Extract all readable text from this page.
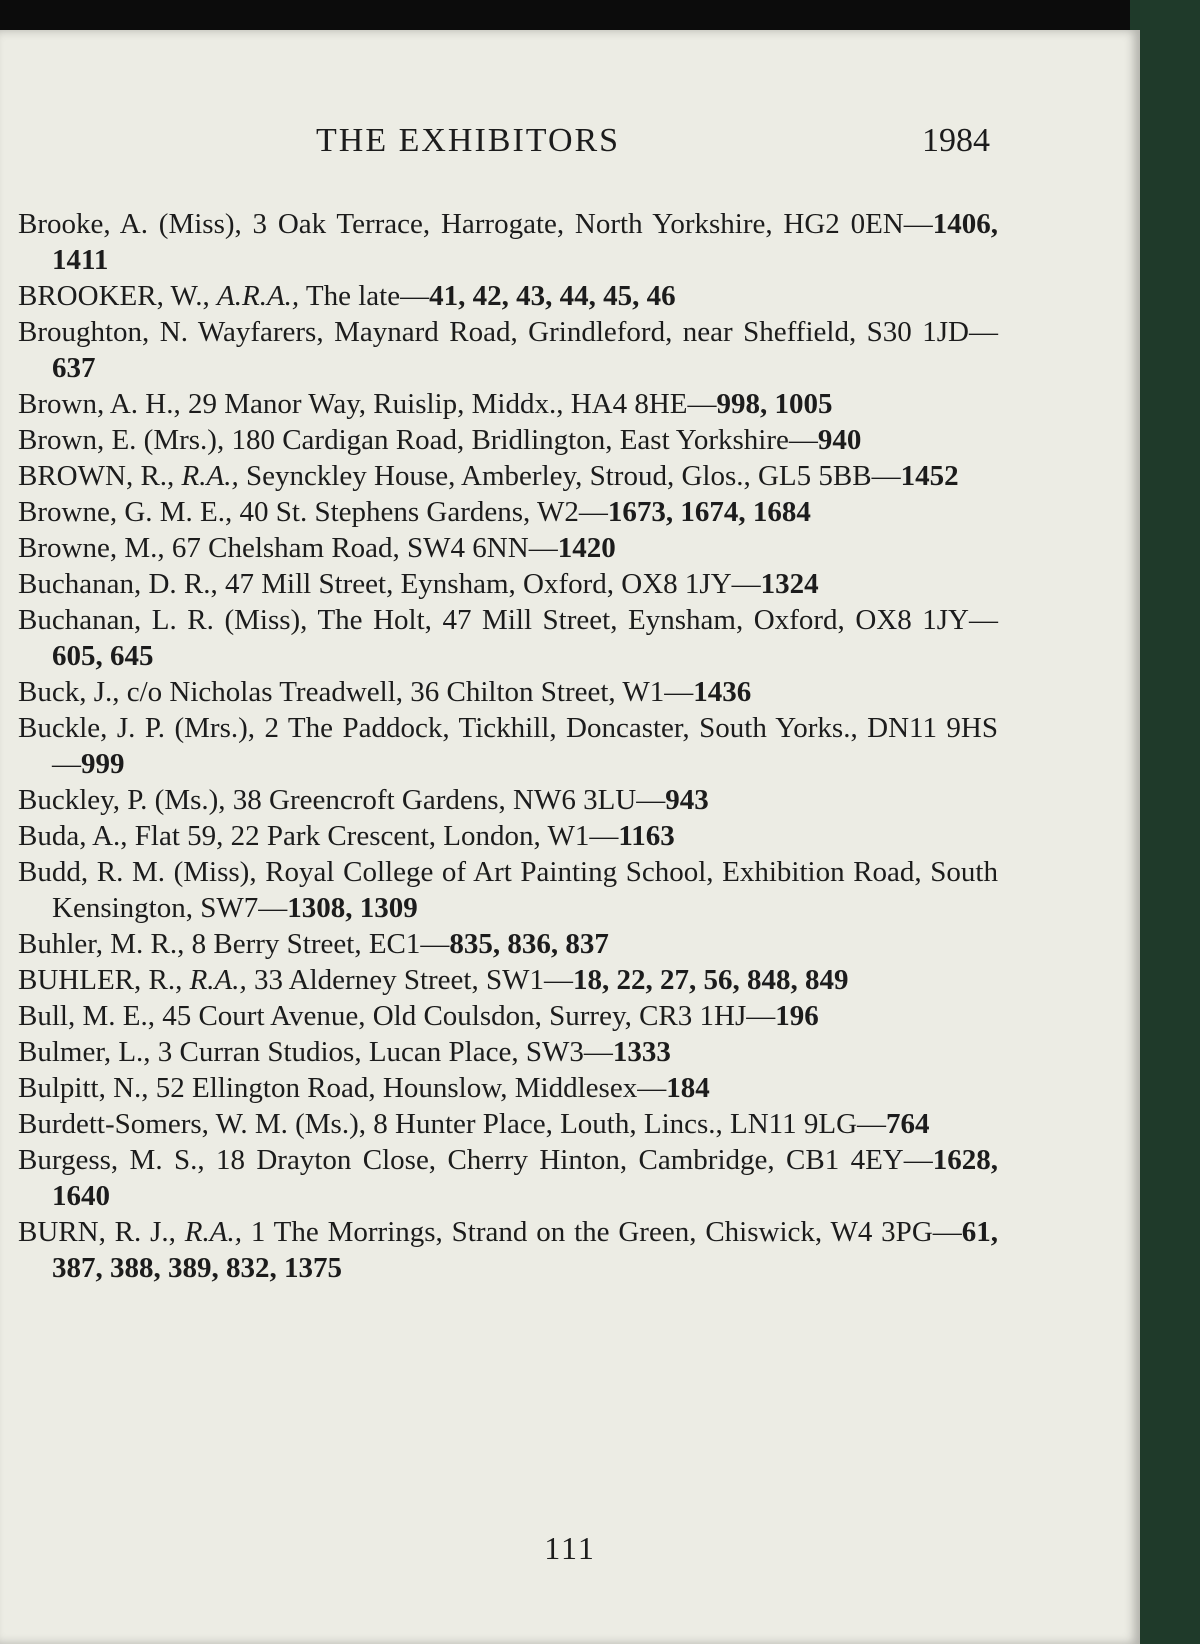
THE EXHIBITORS	1984

Brooke, A. (Miss), 3 Oak Terrace, Harrogate, North Yorkshire, HG2 0EN—1406, 1411

BROOKER, W., A.R.A., The late—41, 42, 43, 44, 45, 46

Broughton, N. Wayfarers, Maynard Road, Grindleford, near Sheffield, S30 1JD—637

Brown, A. H., 29 Manor Way, Ruislip, Middx., HA4 8HE—998, 1005

Brown, E. (Mrs.), 180 Cardigan Road, Bridlington, East Yorkshire—940

BROWN, R., R.A., Seynckley House, Amberley, Stroud, Glos., GL5 5BB—1452

Browne, G. M. E., 40 St. Stephens Gardens, W2—1673, 1674, 1684

Browne, M., 67 Chelsham Road, SW4 6NN—1420

Buchanan, D. R., 47 Mill Street, Eynsham, Oxford, OX8 1JY—1324

Buchanan, L. R. (Miss), The Holt, 47 Mill Street, Eynsham, Oxford, OX8 1JY—605, 645

Buck, J., c/o Nicholas Treadwell, 36 Chilton Street, W1—1436

Buckle, J. P. (Mrs.), 2 The Paddock, Tickhill, Doncaster, South Yorks., DN11 9HS—999

Buckley, P. (Ms.), 38 Greencroft Gardens, NW6 3LU—943

Buda, A., Flat 59, 22 Park Crescent, London, W1—1163

Budd, R. M. (Miss), Royal College of Art Painting School, Exhibition Road, South Kensington, SW7—1308, 1309

Buhler, M. R., 8 Berry Street, EC1—835, 836, 837

BUHLER, R., R.A., 33 Alderney Street, SW1—18, 22, 27, 56, 848, 849

Bull, M. E., 45 Court Avenue, Old Coulsdon, Surrey, CR3 1HJ—196

Bulmer, L., 3 Curran Studios, Lucan Place, SW3—1333

Bulpitt, N., 52 Ellington Road, Hounslow, Middlesex—184

Burdett-Somers, W. M. (Ms.), 8 Hunter Place, Louth, Lincs., LN11 9LG—764

Burgess, M. S., 18 Drayton Close, Cherry Hinton, Cambridge, CB1 4EY—1628, 1640

BURN, R. J., R.A., 1 The Morrings, Strand on the Green, Chiswick, W4 3PG—61, 387, 388, 389, 832, 1375

111
